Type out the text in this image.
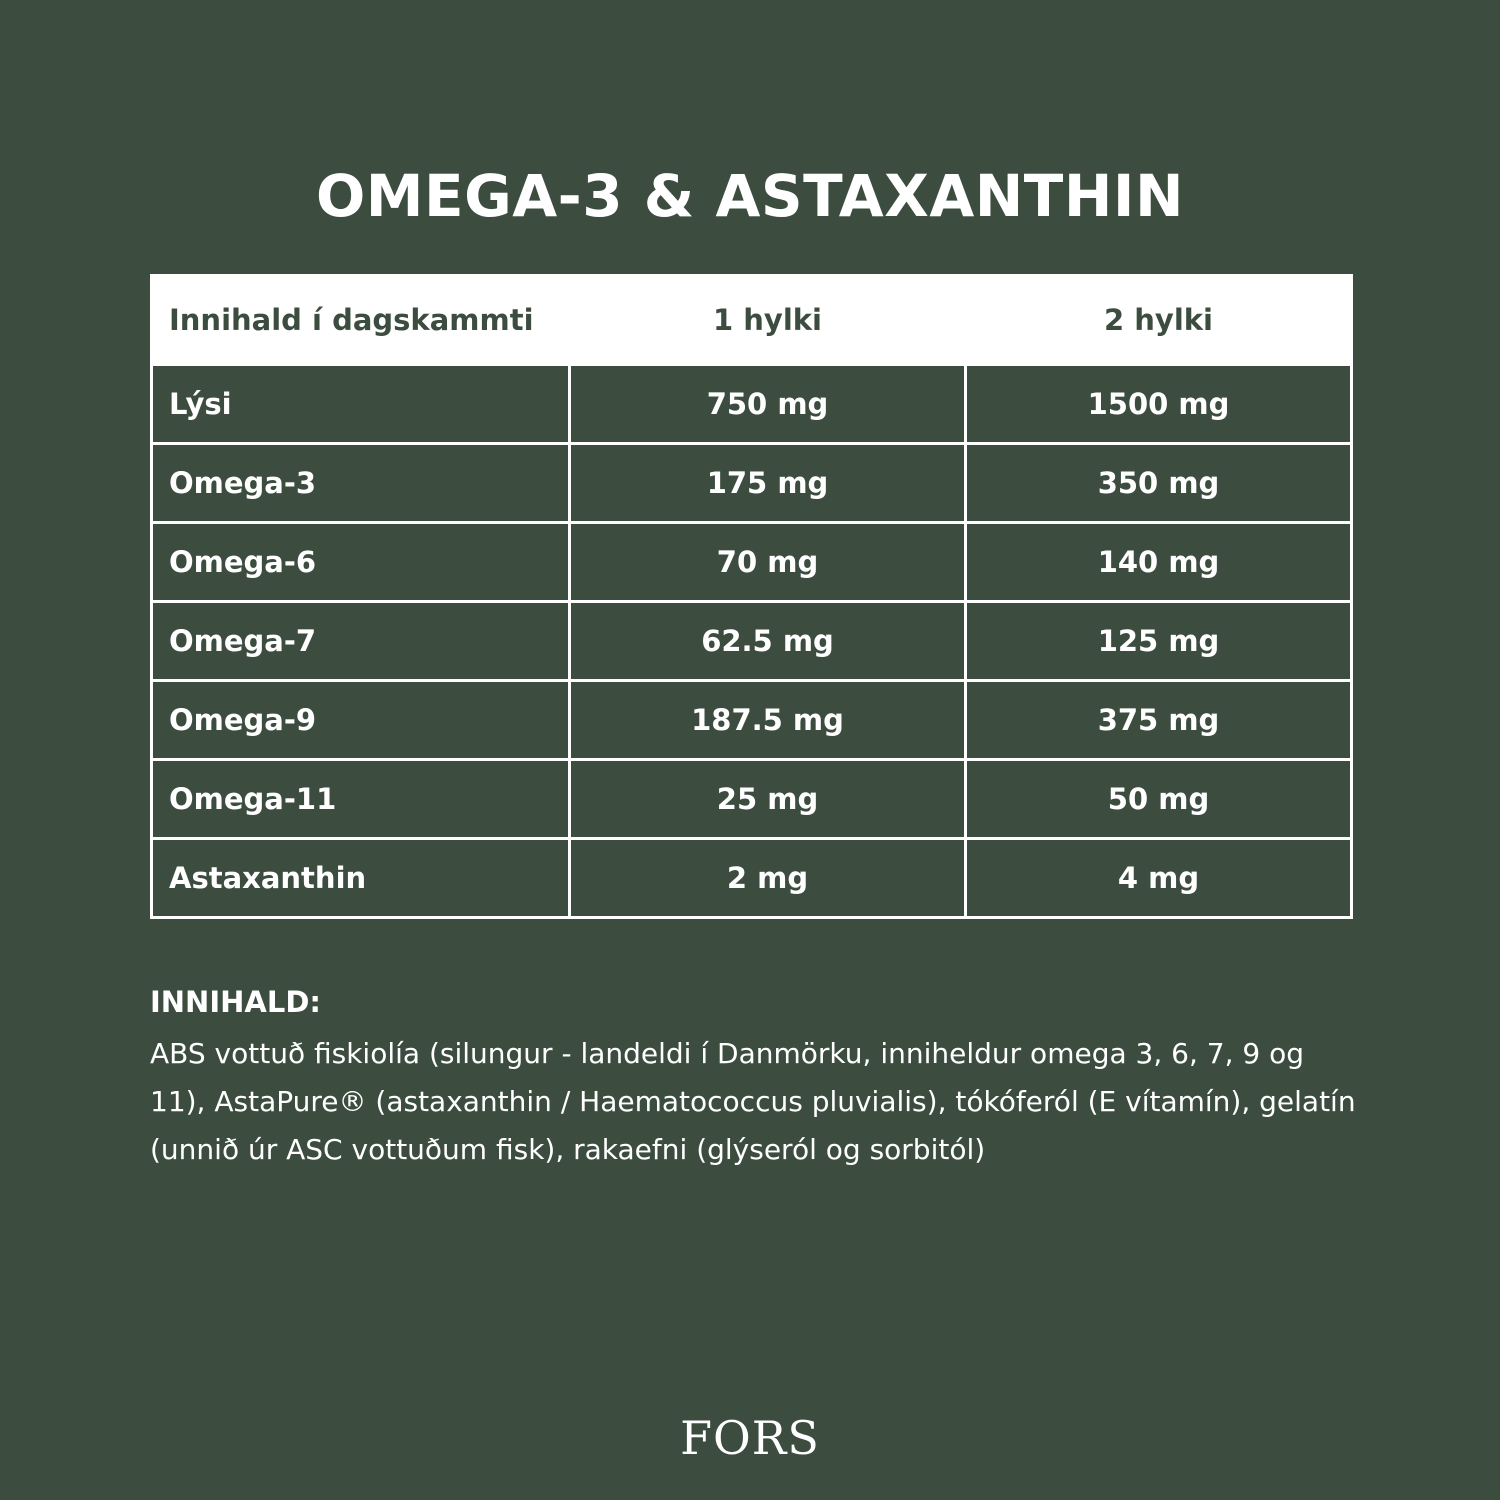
OMEGA-3 & ASTAXANTHIN
Innihald í dagskammti	1 hylki	2 hylki
Lýsi	750 mg	1500 mg
Omega-3	175 mg	350 mg
Omega-6	70 mg	140 mg
Omega-7	62.5 mg	125 mg
Omega-9	187.5 mg	375 mg
Omega-11	25 mg	50 mg
Astaxanthin	2 mg	4 mg

INNIHALD:

ABS vottuð fiskiolía (silungur - landeldi í Danmörku, inniheldur omega 3, 6, 7, 9 og 11), AstaPure® (astaxanthin / Haematococcus pluvialis), tókóferól (E vítamín), gelatín (unnið úr ASC vottuðum fisk), rakaefni (glýseról og sorbitól)

FORS
